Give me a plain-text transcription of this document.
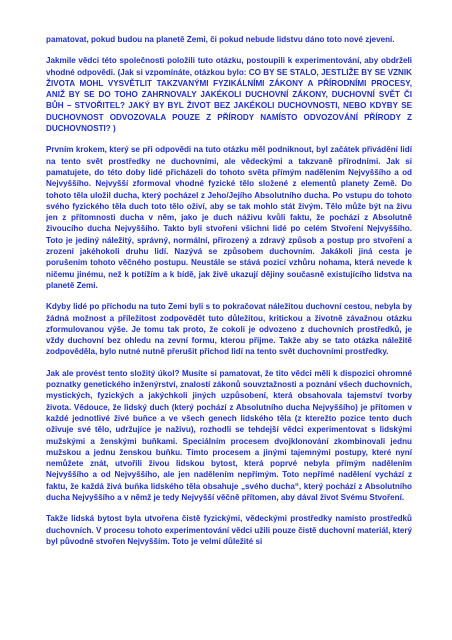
pamatovat, pokud budou na planetě Zemi, či pokud nebude lidstvu dáno toto nové zjevení.

Jakmile vědci této společnosti položili tuto otázku, postoupili k experimentování, aby obdrželi vhodné odpovědi. (Jak si vzpomínáte, otázkou bylo: CO BY SE STALO, JESTLIŽE BY SE VZNIK ŽIVOTA MOHL VYSVĚTLIT TAKZVANÝMI FYZIKÁLNÍMI ZÁKONY A PŘÍRODNÍMI PROCESY, ANIŽ BY SE DO TOHO ZAHRNOVALY JAKÉKOLI DUCHOVNÍ ZÁKONY, DUCHOVNÍ SVĚT ČI BŮH – STVOŘITEL? JAKÝ BY BYL ŽIVOT BEZ JAKÉKOLI DUCHOVNOSTI, NEBO KDYBY SE DUCHOVNOST ODVOZOVALA POUZE Z PŘÍRODY NAMÍSTO ODVOZOVÁNÍ PŘÍRODY Z DUCHOVNOSTI? )

Prvním krokem, který se při odpovědi na tuto otázku měl podniknout, byl začátek přivádění lidí na tento svět prostředky ne duchovními, ale vědeckými a takzvaně přírodními. Jak si pamatujete, do této doby lidé přicházeli do tohoto světa přímým nadělením Nejvyššího a od Nejvyššího. Nejvyšší zformoval vhodné fyzické tělo složené z elementů planety Země. Do tohoto těla uložil ducha, který pocházel z Jeho/Jejího Absolutního ducha. Po vstupu do tohoto svého fyzického těla duch toto tělo oživí, aby se tak mohlo stát živým. Tělo může být na živu jen z přítomnosti ducha v něm, jako je duch náživu kvůli faktu, že pochází z Absolutně živoucího ducha Nejvyššího. Takto byli stvořeni všichni lidé po celém Stvoření Nejvyššího. Toto je jediný náležitý, správný, normální, přirozený a zdravý způsob a postup pro stvoření a zrození jakéhokoli druhu lidí. Nazývá se způsobem duchovním. Jakákoli jiná cesta je porušením tohoto věčného postupu. Neustále se stává pozicí vzhůru nohama, která nevede k ničemu jinému, než k potížím a k bídě, jak živě ukazují dějiny současně existujícího lidstva na planetě Zemi.

Kdyby lidé po příchodu na tuto Zemi byli s to pokračovat náležitou duchovní cestou, nebyla by žádná možnost a příležitost zodpovědět tuto důležitou, kritickou a životně závažnou otázku zformulovanou výše. Je tomu tak proto, že cokoli je odvozeno z duchovních prostředků, je vždy duchovní bez ohledu na zevní formu, kterou přijme. Takže aby se tato otázka náležitě zodpověděla, bylo nutné nutně přerušit přichod lidí na tento svět duchovními prostředky.

Jak ale provést tento složitý úkol? Musíte si pamatovat, že tito vědci měli k dispozici ohromné poznatky genetického inženýrství, znalostí zákonů souvztažnosti a poznání všech duchovních, mystických, fyzických a jakýchkoli jiných uzpůsobení, která obsahovala tajemství tvorby života. Vědouce, že lidský duch (který pochází z Absolutního ducha Nejvyššího) je přítomen v každé jednotlivé živé buňce a ve všech genech lidského těla (z kterežto pozice tento duch oživuje své tělo, udržujíce je naživu), rozhodli se tehdejší vědci experimentovat s lidskými mužskými a ženskými buňkami. Speciálním procesem dvojklonování zkombinovali jednu mužskou a jednu ženskou buňku. Tímto procesem a jinými tajemnými postupy, které nyní nemůžete znát, utvořili živou lidskou bytost, která poprvé nebyla přímým nadělením Nejvyššího a od Nejvyššího, ale jen nadělením nepřímým. Toto nepřímé nadělení vychází z faktu, že každá živá buňka lidského těla obsahuje „svého ducha“, který pochází z Absolutního ducha Nejvyššího a v němž je tedy Nejvyšší věčně přítomen, aby dával život Svému Stvoření.

Takže lidská bytost byla utvořena čistě fyzickými, vědeckými prostředky namísto prostředků duchovních. V procesu tohoto experimentování vědci užili pouze čistě duchovní materiál, který byl původně stvořen Nejvyšším. Toto je velmi důležité si
